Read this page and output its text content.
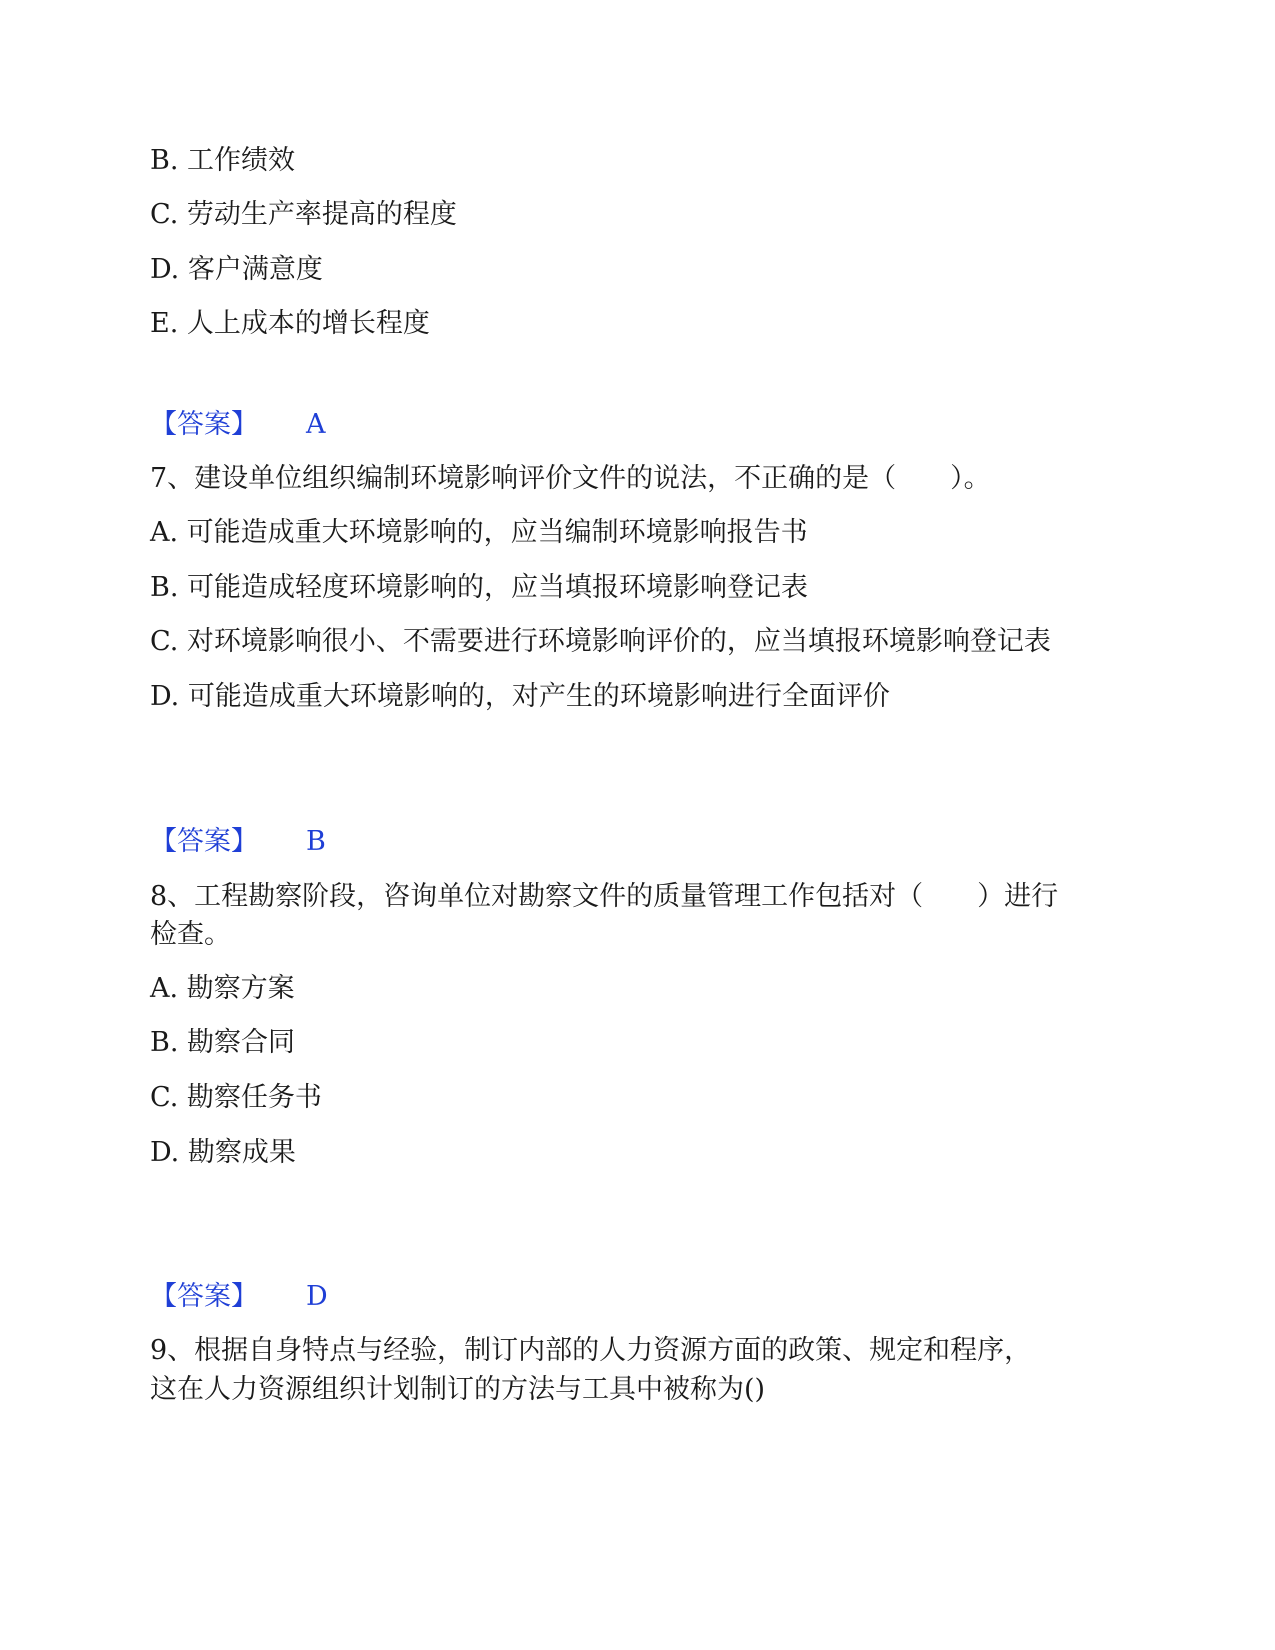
B. 工作绩效
C. 劳动生产率提高的程度
D. 客户满意度
E. 人上成本的增长程度
【答案】 A
7、建设单位组织编制环境影响评价文件的说法，不正确的是（　　）。
A. 可能造成重大环境影响的，应当编制环境影响报告书
B. 可能造成轻度环境影响的，应当填报环境影响登记表
C. 对环境影响很小、不需要进行环境影响评价的，应当填报环境影响登记表
D. 可能造成重大环境影响的，对产生的环境影响进行全面评价
【答案】 B
8、工程勘察阶段，咨询单位对勘察文件的质量管理工作包括对（　　）进行
检查。
A. 勘察方案
B. 勘察合同
C. 勘察任务书
D. 勘察成果
【答案】 D
9、根据自身特点与经验，制订内部的人力资源方面的政策、规定和程序，
这在人力资源组织计划制订的方法与工具中被称为()
